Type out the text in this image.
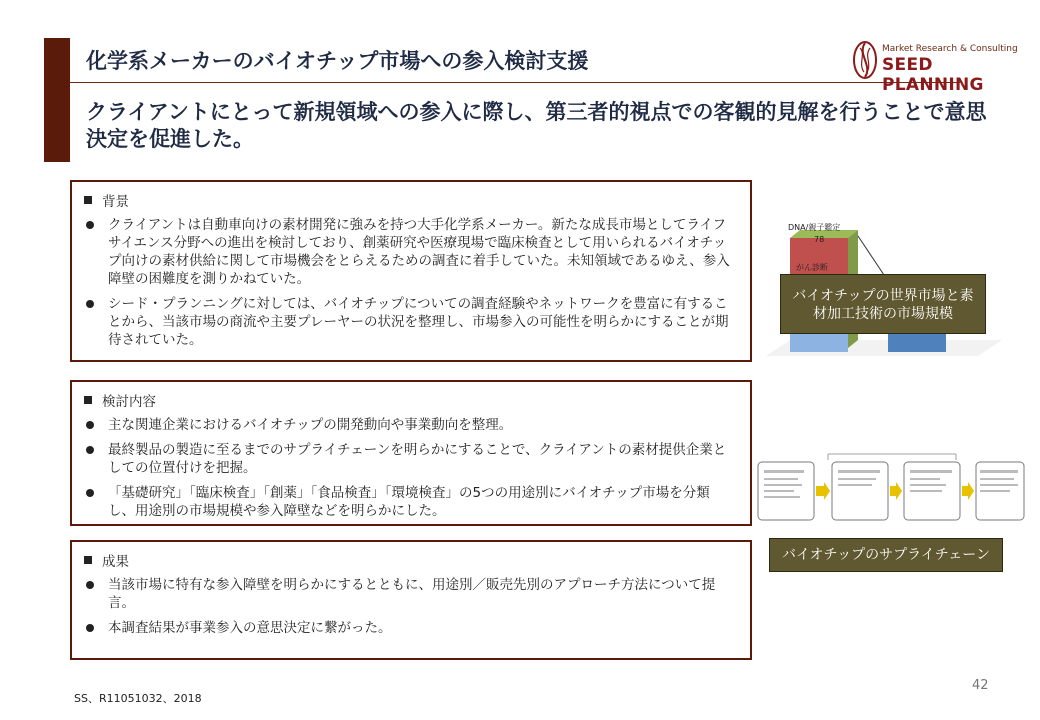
化学系メーカーのバイオチップ市場への参入検討支援
クライアントにとって新規領域への参入に際し、第三者的視点での客観的見解を行うことで意思決定を促進した。
Market Research & Consulting
SEED PLANNING
背景
クライアントは自動車向けの素材開発に強みを持つ大手化学系メーカー。新たな成長市場としてライフサイエンス分野への進出を検討しており、創薬研究や医療現場で臨床検査として用いられるバイオチップ向けの素材供給に関して市場機会をとらえるための調査に着手していた。未知領域であるゆえ、参入障壁の困難度を測りかねていた。
シード・プランニングに対しては、バイオチップについての調査経験やネットワークを豊富に有することから、当該市場の商流や主要プレーヤーの状況を整理し、市場参入の可能性を明らかにすることが期待されていた。
検討内容
主な関連企業におけるバイオチップの開発動向や事業動向を整理。
最終製品の製造に至るまでのサプライチェーンを明らかにすることで、クライアントの素材提供企業としての位置付けを把握。
「基礎研究」「臨床検査」「創薬」「食品検査」「環境検査」の5つの用途別にバイオチップ市場を分類し、用途別の市場規模や参入障壁などを明らかにした。
成果
当該市場に特有な参入障壁を明らかにするとともに、用途別／販売先別のアプローチ方法について提言。
本調査結果が事業参入の意思決定に繋がった。
DNA/親子鑑定
78
がん診断
バイオチップの世界市場と素材加工技術の市場規模
バイオチップのサプライチェーン
SS、R11051032、2018
42
